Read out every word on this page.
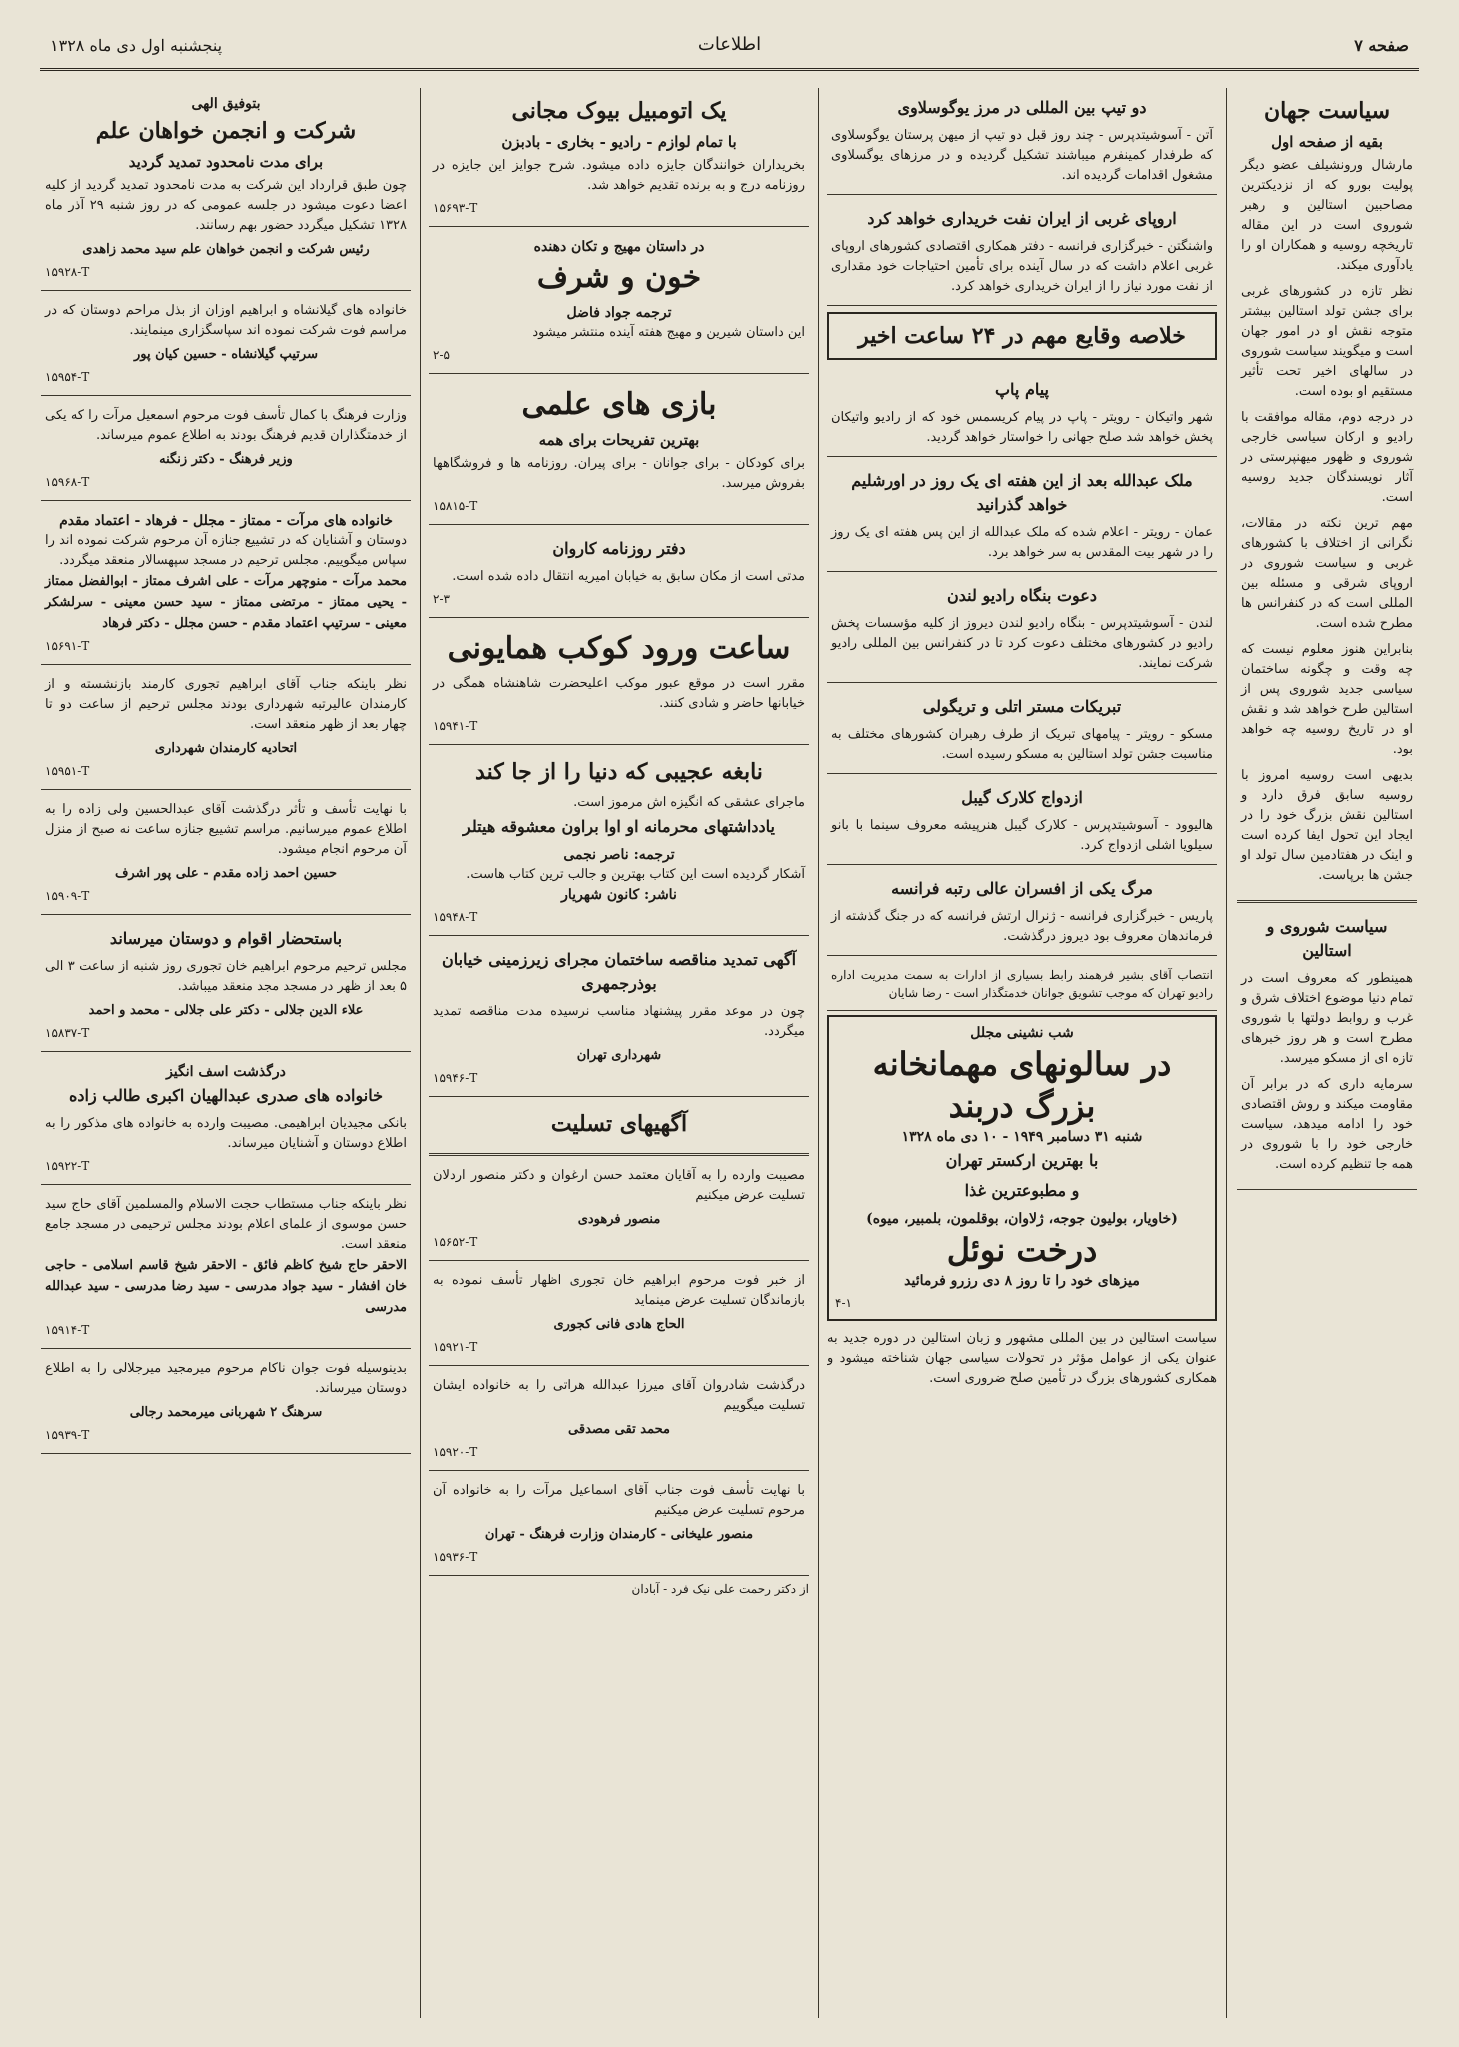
صفحه ۷
اطلاعات
پنجشنبه اول دی ماه ۱۳۲۸
سیاست جهان
بقیه از صفحه اول

مارشال ورونشیلف عضو دیگر پولیت بورو که از نزدیکترین مصاحبین استالین و رهبر شوروی است در این مقاله تاریخچه روسیه و همکاران او را یادآوری میکند.

نظر تازه در کشورهای غربی برای جشن تولد استالین بیشتر متوجه نقش او در امور جهان است و میگویند سیاست شوروی در سالهای اخیر تحت تأثیر مستقیم او بوده است.

در درجه دوم، مقاله موافقت با رادیو و ارکان سیاسی خارجی شوروی و ظهور میهنپرستی در آثار نویسندگان جدید روسیه است.

مهم ترین نکته در مقالات، نگرانی از اختلاف با کشورهای غربی و سیاست شوروی در اروپای شرقی و مسئله بین المللی است که در کنفرانس ها مطرح شده است.

بنابراین هنوز معلوم نیست که چه وقت و چگونه ساختمان سیاسی جدید شوروی پس از استالین طرح خواهد شد و نقش او در تاریخ روسیه چه خواهد بود.

بدیهی است روسیه امروز با روسیه سابق فرق دارد و استالین نقش بزرگ خود را در ایجاد این تحول ایفا کرده است و اینک در هفتادمین سال تولد او جشن ها برپاست.

سیاست شوروی و استالین

همینطور که معروف است در تمام دنیا موضوع اختلاف شرق و غرب و روابط دولتها با شوروی مطرح است و هر روز خبرهای تازه ای از مسکو میرسد.

سرمایه داری که در برابر آن مقاومت میکند و روش اقتصادی خود را ادامه میدهد، سیاست خارجی خود را با شوروی در همه جا تنظیم کرده است.

دو تیپ بین المللی در مرز یوگوسلاوی
آتن - آسوشیتدپرس - چند روز قبل دو تیپ از میهن پرستان یوگوسلاوی که طرفدار کمینفرم میباشند تشکیل گردیده و در مرزهای یوگسلاوی مشغول اقدامات گردیده اند.
اروپای غربی از ایران نفت خریداری خواهد کرد
واشنگتن - خبرگزاری فرانسه - دفتر همکاری اقتصادی کشورهای اروپای غربی اعلام داشت که در سال آینده برای تأمین احتیاجات خود مقداری از نفت مورد نیاز را از ایران خریداری خواهد کرد.
خلاصه وقایع مهم در ۲۴ ساعت اخیر
پیام پاپ
شهر واتیکان - رویتر - پاپ در پیام کریسمس خود که از رادیو واتیکان پخش خواهد شد صلح جهانی را خواستار خواهد گردید.
ملک عبدالله بعد از این هفته ای یک روز در اورشلیم خواهد گذرانید
عمان - رویتر - اعلام شده که ملک عبدالله از این پس هفته ای یک روز را در شهر بیت المقدس به سر خواهد برد.
دعوت بنگاه رادیو لندن
لندن - آسوشیتدپرس - بنگاه رادیو لندن دیروز از کلیه مؤسسات پخش رادیو در کشورهای مختلف دعوت کرد تا در کنفرانس بین المللی رادیو شرکت نمایند.
تبریکات مستر اتلی و تریگولی
مسکو - رویتر - پیامهای تبریک از طرف رهبران کشورهای مختلف به مناسبت جشن تولد استالین به مسکو رسیده است.
ازدواج کلارک گیبل
هالیوود - آسوشیتدپرس - کلارک گیبل هنرپیشه معروف سینما با بانو سیلویا اشلی ازدواج کرد.
مرگ یکی از افسران عالی رتبه فرانسه
پاریس - خبرگزاری فرانسه - ژنرال ارتش فرانسه که در جنگ گذشته از فرماندهان معروف بود دیروز درگذشت.
انتصاب آقای بشیر فرهمند رابط بسیاری از ادارات به سمت مدیریت اداره رادیو تهران که موجب تشویق جوانان خدمتگذار است - رضا شایان
شب نشینی مجلل
در سالونهای مهمانخانه بزرگ دربند
شنبه ۳۱ دسامبر ۱۹۴۹ - ۱۰ دی ماه ۱۳۲۸
با بهترین ارکستر تهران
و مطبوعترین غذا
(خاویار، بولیون جوجه، ژلاوان، بوقلمون، بلمبیر، میوه)
درخت نوئل
میزهای خود را تا روز ۸ دی رزرو فرمائید
۴-۱

سیاست استالین در بین المللی مشهور و زبان استالین در دوره جدید به عنوان یکی از عوامل مؤثر در تحولات سیاسی جهان شناخته میشود و همکاری کشورهای بزرگ در تأمین صلح ضروری است.

یک اتومبیل بیوک مجانی
با تمام لوازم - رادیو - بخاری - بادبزن
بخریداران خوانندگان جایزه داده میشود. شرح جوایز این جایزه در روزنامه درج و به برنده تقدیم خواهد شد.
۱۵۶۹۳-T
در داستان مهیج و تکان دهنده
خون و شرف
ترجمه جواد فاضل
این داستان شیرین و مهیج هفته آینده منتشر میشود
۲-۵
بازی های علمی
بهترین تفریحات برای همه
برای کودکان - برای جوانان - برای پیران. روزنامه ها و فروشگاهها بفروش میرسد.
۱۵۸۱۵-T
دفتر روزنامه کاروان
مدتی است از مکان سابق به خیابان امیریه انتقال داده شده است.
۲-۳
ساعت ورود کوکب همایونی
مقرر است در موقع عبور موکب اعلیحضرت شاهنشاه همگی در خیابانها حاضر و شادی کنند.
۱۵۹۴۱-T
نابغه عجیبی که دنیا را از جا کند
ماجرای عشقی که انگیزه اش مرموز است.
یادداشتهای محرمانه او اوا براون معشوقه هیتلر
ترجمه: ناصر نجمی
آشکار گردیده است این کتاب بهترین و جالب ترین کتاب هاست.
ناشر: کانون شهریار
۱۵۹۴۸-T
آگهی تمدید مناقصه ساختمان مجرای زیرزمینی خیابان بوذرجمهری
چون در موعد مقرر پیشنهاد مناسب نرسیده مدت مناقصه تمدید میگردد.
شهرداری تهران
۱۵۹۴۶-T
آگهیهای تسلیت
مصیبت وارده را به آقایان معتمد حسن ارغوان و دکتر منصور اردلان تسلیت عرض میکنیم
منصور فرهودی
۱۵۶۵۲-T
از خبر فوت مرحوم ابراهیم خان تجوری اظهار تأسف نموده به بازماندگان تسلیت عرض مینماید
الحاج هادی فانی کجوری
۱۵۹۲۱-T
درگذشت شادروان آقای میرزا عبدالله هراتی را به خانواده ایشان تسلیت میگوییم
محمد تقی مصدقی
۱۵۹۲۰-T
با نهایت تأسف فوت جناب آقای اسماعیل مرآت را به خانواده آن مرحوم تسلیت عرض میکنیم
منصور علیخانی - کارمندان وزارت فرهنگ - تهران
۱۵۹۳۶-T
از دکتر رحمت علی نیک فرد - آبادان
بتوفیق الهی
شرکت و انجمن خواهان علم
برای مدت نامحدود تمدید گردید
چون طبق قرارداد این شرکت به مدت نامحدود تمدید گردید از کلیه اعضا دعوت میشود در جلسه عمومی که در روز شنبه ۲۹ آذر ماه ۱۳۲۸ تشکیل میگردد حضور بهم رسانند.
رئیس شرکت و انجمن خواهان علم سید محمد زاهدی
۱۵۹۲۸-T
خانواده های گیلانشاه و ابراهیم اوزان از بذل مراحم دوستان که در مراسم فوت شرکت نموده اند سپاسگزاری مینمایند.
سرتیپ گیلانشاه - حسین کیان پور
۱۵۹۵۴-T
وزارت فرهنگ با کمال تأسف فوت مرحوم اسمعیل مرآت را که یکی از خدمتگذاران قدیم فرهنگ بودند به اطلاع عموم میرساند.
وزیر فرهنگ - دکتر زنگنه
۱۵۹۶۸-T
خانواده های مرآت - ممتاز - مجلل - فرهاد - اعتماد مقدم
دوستان و آشنایان که در تشییع جنازه آن مرحوم شرکت نموده اند را سپاس میگوییم. مجلس ترحیم در مسجد سپهسالار منعقد میگردد.
محمد مرآت - منوچهر مرآت - علی اشرف ممتاز - ابوالفضل ممتاز - یحیی ممتاز - مرتضی ممتاز - سید حسن معینی - سرلشکر معینی - سرتیپ اعتماد مقدم - حسن مجلل - دکتر فرهاد
۱۵۶۹۱-T
نظر باینکه جناب آقای ابراهیم تجوری کارمند بازنشسته و از کارمندان عالیرتبه شهرداری بودند مجلس ترحیم از ساعت دو تا چهار بعد از ظهر منعقد است.
اتحادیه کارمندان شهرداری
۱۵۹۵۱-T
با نهایت تأسف و تأثر درگذشت آقای عبدالحسین ولی زاده را به اطلاع عموم میرسانیم. مراسم تشییع جنازه ساعت نه صبح از منزل آن مرحوم انجام میشود.
حسین احمد زاده مقدم - علی پور اشرف
۱۵۹۰۹-T
باستحضار اقوام و دوستان میرساند
مجلس ترحیم مرحوم ابراهیم خان تجوری روز شنبه از ساعت ۳ الی ۵ بعد از ظهر در مسجد مجد منعقد میباشد.
علاء الدین جلالی - دکتر علی جلالی - محمد و احمد
۱۵۸۳۷-T
درگذشت اسف انگیز
خانواده های صدری عبدالهیان اکبری طالب زاده
بانکی مجیدیان ابراهیمی. مصیبت وارده به خانواده های مذکور را به اطلاع دوستان و آشنایان میرساند.
۱۵۹۲۲-T
نظر باینکه جناب مستطاب حجت الاسلام والمسلمین آقای حاج سید حسن موسوی از علمای اعلام بودند مجلس ترحیمی در مسجد جامع منعقد است.
الاحقر حاج شیخ کاظم فائق - الاحقر شیخ قاسم اسلامی - حاجی خان افشار - سید جواد مدرسی - سید رضا مدرسی - سید عبدالله مدرسی
۱۵۹۱۴-T
بدینوسیله فوت جوان ناکام مرحوم میرمجید میرجلالی را به اطلاع دوستان میرساند.
سرهنگ ۲ شهربانی میرمحمد رجالی
۱۵۹۳۹-T
